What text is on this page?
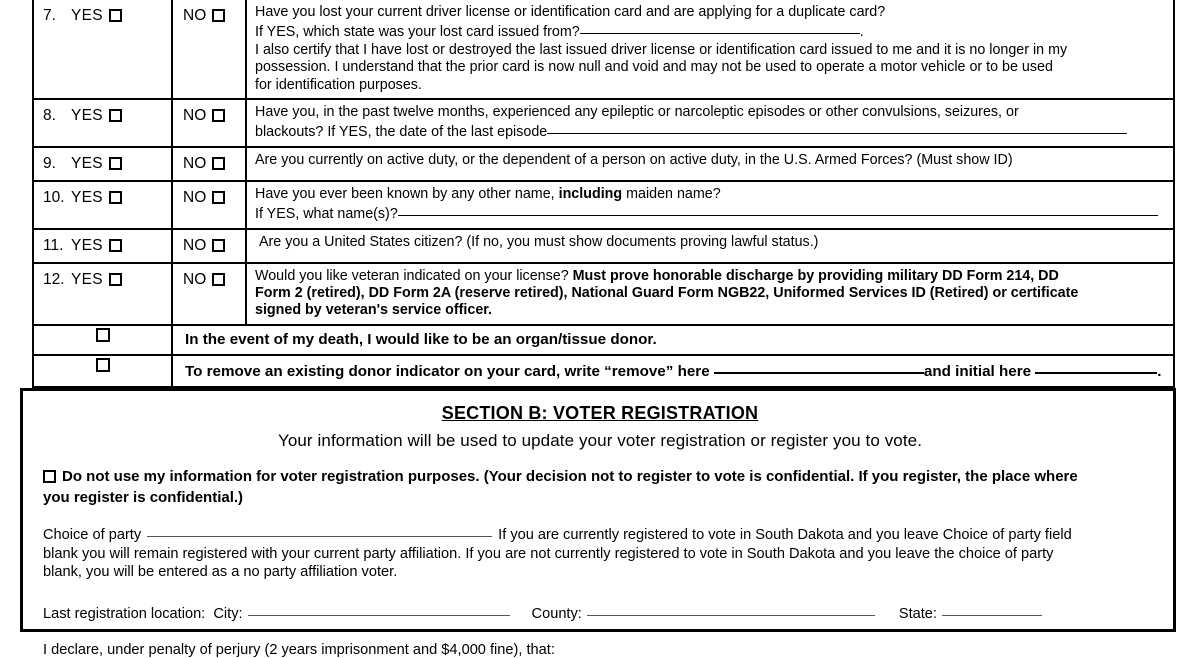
7. YES	NO	Have you lost your current driver license or identification card and are applying for a duplicate card?
If YES, which state was your lost card issued from? .
I also certify that I have lost or destroyed the last issued driver license or identification card issued to me and it is no longer in my
possession. I understand that the prior card is now null and void and may not be used to operate a motor vehicle or to be used
for identification purposes.

8. YES	NO	Have you, in the past twelve months, experienced any epileptic or narcoleptic episodes or other convulsions, seizures, or
blackouts? If YES, the date of the last episode

9. YES	NO	Are you currently on active duty, or the dependent of a person on active duty, in the U.S. Armed Forces? (Must show ID)

10. YES	NO	Have you ever been known by any other name, including maiden name?
If YES, what name(s)?

11. YES	NO	Are you a United States citizen? (If no, you must show documents proving lawful status.)

12. YES	NO	Would you like veteran indicated on your license? Must prove honorable discharge by providing military DD Form 214, DD
Form 2 (retired), DD Form 2A (reserve retired), National Guard Form NGB22, Uniformed Services ID (Retired) or certificate
signed by veteran's service officer.

	In the event of my death, I would like to be an organ/tissue donor.	

	To remove an existing donor indicator on your card, write “remove” here and initial here .	
SECTION B: VOTER REGISTRATION
Your information will be used to update your voter registration or register you to vote.
Do not use my information for voter registration purposes. (Your decision not to register to vote is confidential. If you register, the place where
you register is confidential.)
Choice of party	If you are currently registered to vote in South Dakota and you leave Choice of party field
blank you will remain registered with your current party affiliation. If you are not currently registered to vote in South Dakota and you leave the choice of party
blank, you will be entered as a no party affiliation voter.
Last registration location: City:	County:	State:
I declare, under penalty of perjury (2 years imprisonment and $4,000 fine), that:
